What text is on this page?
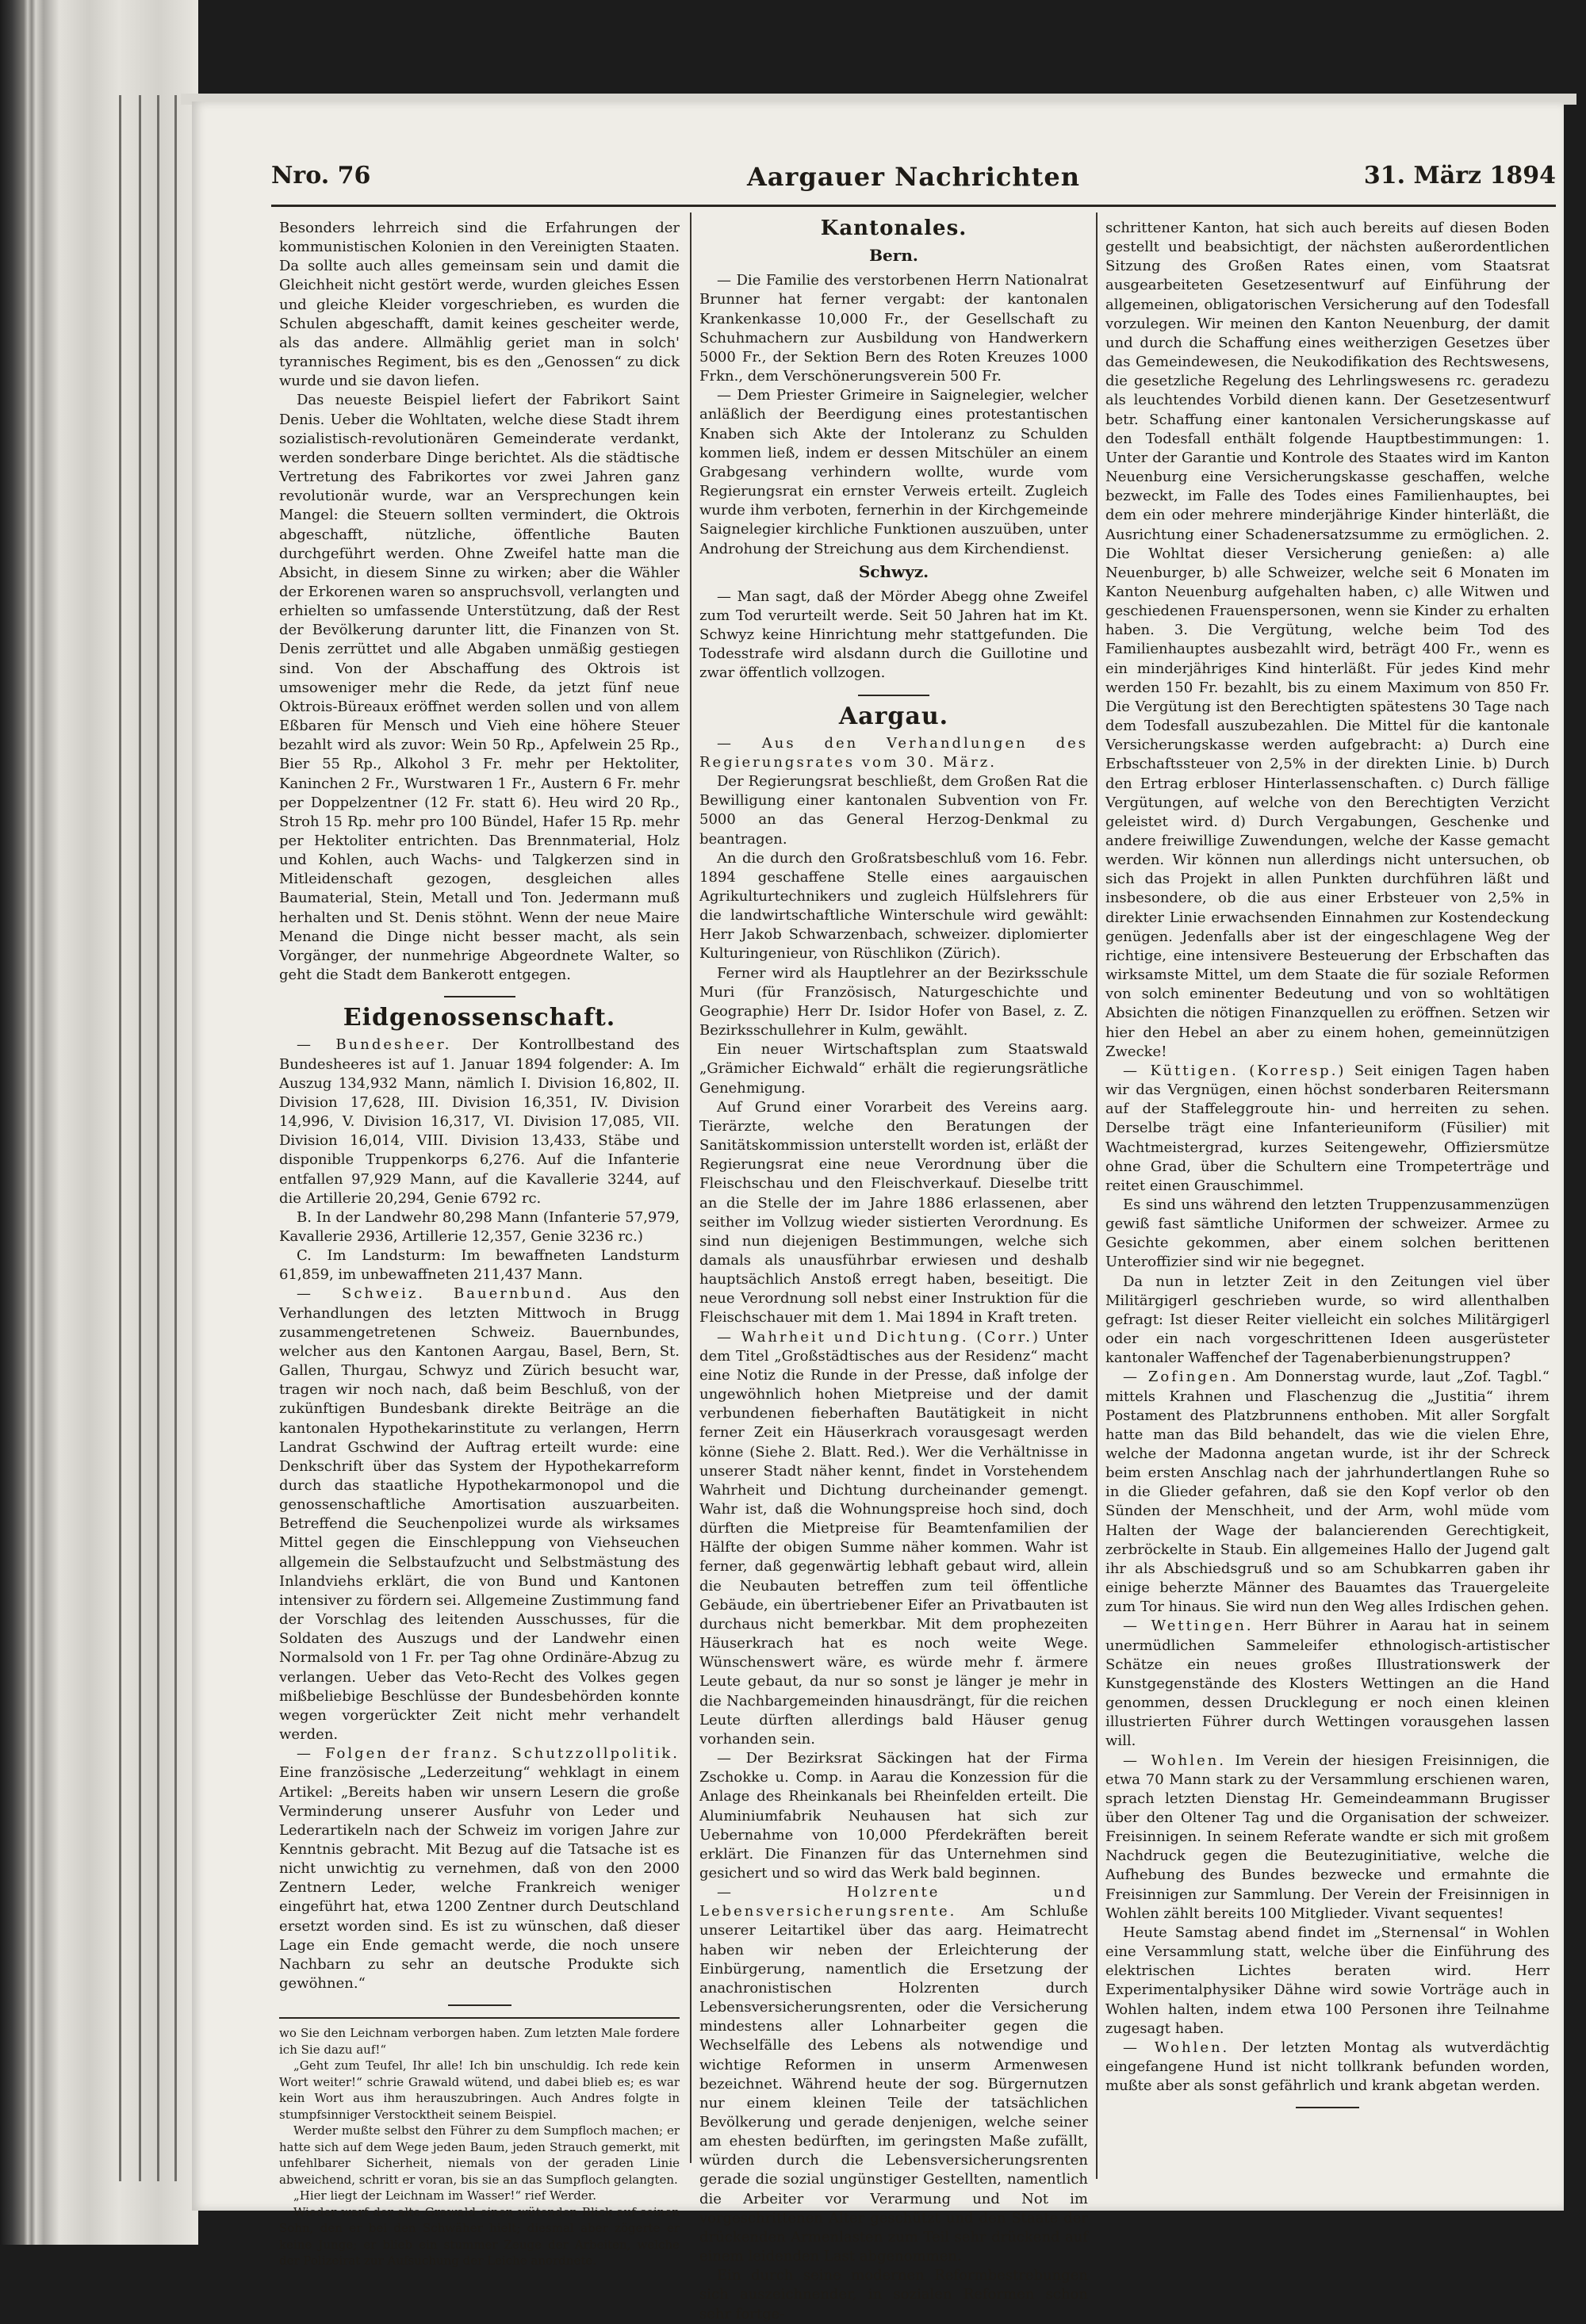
Nro. 76	Aargauer Nachrichten	31. März 1894

Besonders lehrreich sind die Erfahrungen der kommunistischen Kolonien in den Vereinigten Staaten. Da sollte auch alles gemeinsam sein und damit die Gleichheit nicht gestört werde, wurden gleiches Essen und gleiche Kleider vorgeschrieben, es wurden die Schulen abgeschafft, damit keines gescheiter werde, als das andere. Allmählig geriet man in solch' tyrannisches Regiment, bis es den „Genossen“ zu dick wurde und sie davon liefen.

Das neueste Beispiel liefert der Fabrikort Saint Denis. Ueber die Wohltaten, welche diese Stadt ihrem sozialistisch-revolutionären Gemeinderate verdankt, werden sonderbare Dinge berichtet. Als die städtische Vertretung des Fabrikortes vor zwei Jahren ganz revolutionär wurde, war an Versprechungen kein Mangel: die Steuern sollten vermindert, die Oktrois abgeschafft, nützliche, öffentliche Bauten durchgeführt werden. Ohne Zweifel hatte man die Absicht, in diesem Sinne zu wirken; aber die Wähler der Erkorenen waren so anspruchsvoll, verlangten und erhielten so umfassende Unterstützung, daß der Rest der Bevölkerung darunter litt, die Finanzen von St. Denis zerrüttet und alle Abgaben unmäßig gestiegen sind. Von der Abschaffung des Oktrois ist umsoweniger mehr die Rede, da jetzt fünf neue Oktrois-Büreaux eröffnet werden sollen und von allem Eßbaren für Mensch und Vieh eine höhere Steuer bezahlt wird als zuvor: Wein 50 Rp., Apfelwein 25 Rp., Bier 55 Rp., Alkohol 3 Fr. mehr per Hektoliter, Kaninchen 2 Fr., Wurstwaren 1 Fr., Austern 6 Fr. mehr per Doppelzentner (12 Fr. statt 6). Heu wird 20 Rp., Stroh 15 Rp. mehr pro 100 Bündel, Hafer 15 Rp. mehr per Hektoliter entrichten. Das Brennmaterial, Holz und Kohlen, auch Wachs- und Talgkerzen sind in Mitleidenschaft gezogen, desgleichen alles Baumaterial, Stein, Metall und Ton. Jedermann muß herhalten und St. Denis stöhnt. Wenn der neue Maire Menand die Dinge nicht besser macht, als sein Vorgänger, der nunmehrige Abgeordnete Walter, so geht die Stadt dem Bankerott entgegen.

Eidgenossenschaft.

— Bundesheer. Der Kontrollbestand des Bundesheeres ist auf 1. Januar 1894 folgender: A. Im Auszug 134,932 Mann, nämlich I. Division 16,802, II. Division 17,628, III. Division 16,351, IV. Division 14,996, V. Division 16,317, VI. Division 17,085, VII. Division 16,014, VIII. Division 13,433, Stäbe und disponible Truppenkorps 6,276. Auf die Infanterie entfallen 97,929 Mann, auf die Kavallerie 3244, auf die Artillerie 20,294, Genie 6792 rc.

B. In der Landwehr 80,298 Mann (Infanterie 57,979, Kavallerie 2936, Artillerie 12,357, Genie 3236 rc.)

C. Im Landsturm: Im bewaffneten Landsturm 61,859, im unbewaffneten 211,437 Mann.

— Schweiz. Bauernbund. Aus den Verhandlungen des letzten Mittwoch in Brugg zusammengetretenen Schweiz. Bauernbundes, welcher aus den Kantonen Aargau, Basel, Bern, St. Gallen, Thurgau, Schwyz und Zürich besucht war, tragen wir noch nach, daß beim Beschluß, von der zukünftigen Bundesbank direkte Beiträge an die kantonalen Hypothekarinstitute zu verlangen, Herrn Landrat Gschwind der Auftrag erteilt wurde: eine Denkschrift über das System der Hypothekarreform durch das staatliche Hypothekarmonopol und die genossenschaftliche Amortisation auszuarbeiten. Betreffend die Seuchenpolizei wurde als wirksames Mittel gegen die Einschleppung von Viehseuchen allgemein die Selbstaufzucht und Selbstmästung des Inlandviehs erklärt, die von Bund und Kantonen intensiver zu fördern sei. Allgemeine Zustimmung fand der Vorschlag des leitenden Ausschusses, für die Soldaten des Auszugs und der Landwehr einen Normalsold von 1 Fr. per Tag ohne Ordinäre-Abzug zu verlangen. Ueber das Veto-Recht des Volkes gegen mißbeliebige Beschlüsse der Bundesbehörden konnte wegen vorgerückter Zeit nicht mehr verhandelt werden.

— Folgen der franz. Schutzzollpolitik. Eine französische „Lederzeitung“ wehklagt in einem Artikel: „Bereits haben wir unsern Lesern die große Verminderung unserer Ausfuhr von Leder und Lederartikeln nach der Schweiz im vorigen Jahre zur Kenntnis gebracht. Mit Bezug auf die Tatsache ist es nicht unwichtig zu vernehmen, daß von den 2000 Zentnern Leder, welche Frankreich weniger eingeführt hat, etwa 1200 Zentner durch Deutschland ersetzt worden sind. Es ist zu wünschen, daß dieser Lage ein Ende gemacht werde, die noch unsere Nachbarn zu sehr an deutsche Produkte sich gewöhnen.“

wo Sie den Leichnam verborgen haben. Zum letzten Male fordere ich Sie dazu auf!“

„Geht zum Teufel, Ihr alle! Ich bin unschuldig. Ich rede kein Wort weiter!“ schrie Grawald wütend, und dabei blieb es; es war kein Wort aus ihm herauszubringen. Auch Andres folgte in stumpfsinniger Verstocktheit seinem Beispiel.

Werder mußte selbst den Führer zu dem Sumpfloch machen; er hatte sich auf dem Wege jeden Baum, jeden Strauch gemerkt, mit unfehlbarer Sicherheit, niemals von der geraden Linie abweichend, schritt er voran, bis sie an das Sumpfloch gelangten.

„Hier liegt der Leichnam im Wasser!“ rief Werder.

Wieder warf der alte Grawald einen wütenden Blick auf seinen Sohn, den er bei den Schwäher hielt; diesmal aber zögerte er keine Junge; er blieb ein stummer Zeuge der Arbeiten, welche der Polizeirat zur Aufsuchung der Leiche anordnete.

Kantonales.
Bern.

— Die Familie des verstorbenen Herrn Nationalrat Brunner hat ferner vergabt: der kantonalen Krankenkasse 10,000 Fr., der Gesellschaft zu Schuhmachern zur Ausbildung von Handwerkern 5000 Fr., der Sektion Bern des Roten Kreuzes 1000 Frkn., dem Verschönerungsverein 500 Fr.

— Dem Priester Grimeire in Saignelegier, welcher anläßlich der Beerdigung eines protestantischen Knaben sich Akte der Intoleranz zu Schulden kommen ließ, indem er dessen Mitschüler an einem Grabgesang verhindern wollte, wurde vom Regierungsrat ein ernster Verweis erteilt. Zugleich wurde ihm verboten, fernerhin in der Kirchgemeinde Saignelegier kirchliche Funktionen auszuüben, unter Androhung der Streichung aus dem Kirchendienst.

Schwyz.

— Man sagt, daß der Mörder Abegg ohne Zweifel zum Tod verurteilt werde. Seit 50 Jahren hat im Kt. Schwyz keine Hinrichtung mehr stattgefunden. Die Todesstrafe wird alsdann durch die Guillotine und zwar öffentlich vollzogen.

Aargau.

— Aus den Verhandlungen des Regierungsrates vom 30. März.

Der Regierungsrat beschließt, dem Großen Rat die Bewilligung einer kantonalen Subvention von Fr. 5000 an das General Herzog-Denkmal zu beantragen.

An die durch den Großratsbeschluß vom 16. Febr. 1894 geschaffene Stelle eines aargauischen Agrikulturtechnikers und zugleich Hülfslehrers für die landwirtschaftliche Winterschule wird gewählt: Herr Jakob Schwarzenbach, schweizer. diplomierter Kulturingenieur, von Rüschlikon (Zürich).

Ferner wird als Hauptlehrer an der Bezirksschule Muri (für Französisch, Naturgeschichte und Geographie) Herr Dr. Isidor Hofer von Basel, z. Z. Bezirksschullehrer in Kulm, gewählt.

Ein neuer Wirtschaftsplan zum Staatswald „Grämicher Eichwald“ erhält die regierungsrätliche Genehmigung.

Auf Grund einer Vorarbeit des Vereins aarg. Tierärzte, welche den Beratungen der Sanitätskommission unterstellt worden ist, erläßt der Regierungsrat eine neue Verordnung über die Fleischschau und den Fleischverkauf. Dieselbe tritt an die Stelle der im Jahre 1886 erlassenen, aber seither im Vollzug wieder sistierten Verordnung. Es sind nun diejenigen Bestimmungen, welche sich damals als unausführbar erwiesen und deshalb hauptsächlich Anstoß erregt haben, beseitigt. Die neue Verordnung soll nebst einer Instruktion für die Fleischschauer mit dem 1. Mai 1894 in Kraft treten.

— Wahrheit und Dichtung. (Corr.) Unter dem Titel „Großstädtisches aus der Residenz“ macht eine Notiz die Runde in der Presse, daß infolge der ungewöhnlich hohen Mietpreise und der damit verbundenen fieberhaften Bautätigkeit in nicht ferner Zeit ein Häuserkrach vorausgesagt werden könne (Siehe 2. Blatt. Red.). Wer die Verhältnisse in unserer Stadt näher kennt, findet in Vorstehendem Wahrheit und Dichtung durcheinander gemengt. Wahr ist, daß die Wohnungspreise hoch sind, doch dürften die Mietpreise für Beamtenfamilien der Hälfte der obigen Summe näher kommen. Wahr ist ferner, daß gegenwärtig lebhaft gebaut wird, allein die Neubauten betreffen zum teil öffentliche Gebäude, ein übertriebener Eifer an Privatbauten ist durchaus nicht bemerkbar. Mit dem prophezeiten Häuserkrach hat es noch weite Wege. Wünschenswert wäre, es würde mehr f. ärmere Leute gebaut, da nur so sonst je länger je mehr in die Nachbargemeinden hinausdrängt, für die reichen Leute dürften allerdings bald Häuser genug vorhanden sein.

— Der Bezirksrat Säckingen hat der Firma Zschokke u. Comp. in Aarau die Konzession für die Anlage des Rheinkanals bei Rheinfelden erteilt. Die Aluminiumfabrik Neuhausen hat sich zur Uebernahme von 10,000 Pferdekräften bereit erklärt. Die Finanzen für das Unternehmen sind gesichert und so wird das Werk bald beginnen.

— Holzrente und Lebensversicherungsrente. Am Schluße unserer Leitartikel über das aarg. Heimatrecht haben wir neben der Erleichterung der Einbürgerung, namentlich die Ersetzung der anachronistischen Holzrenten durch Lebensversicherungsrenten, oder die Versicherung mindestens aller Lohnarbeiter gegen die Wechselfälle des Lebens als notwendige und wichtige Reformen in unserm Armenwesen bezeichnet. Während heute der sog. Bürgernutzen nur einem kleinen Teile der tatsächlichen Bevölkerung und gerade denjenigen, welche seiner am ehesten bedürften, im geringsten Maße zufällt, würden durch die Lebensversicherungsrenten gerade die sozial ungünstiger Gestellten, namentlich die Arbeiter vor Verarmung und Not im vorgeschrittenen Alter geschützt und den Staate der drückenden Armenlasten zum Teil sehr drückend auf einem leidenden Last abgenommen.

Ein durch seine modernen Reformbestrebungen sich auszeichnender, in sozialen Reformen schon sehr fortge-

schrittener Kanton, hat sich auch bereits auf diesen Boden gestellt und beabsichtigt, der nächsten außerordentlichen Sitzung des Großen Rates einen, vom Staatsrat ausgearbeiteten Gesetzesentwurf auf Einführung der allgemeinen, obligatorischen Versicherung auf den Todesfall vorzulegen. Wir meinen den Kanton Neuenburg, der damit und durch die Schaffung eines weitherzigen Gesetzes über das Gemeindewesen, die Neukodifikation des Rechtswesens, die gesetzliche Regelung des Lehrlingswesens rc. geradezu als leuchtendes Vorbild dienen kann. Der Gesetzesentwurf betr. Schaffung einer kantonalen Versicherungskasse auf den Todesfall enthält folgende Hauptbestimmungen: 1. Unter der Garantie und Kontrole des Staates wird im Kanton Neuenburg eine Versicherungskasse geschaffen, welche bezweckt, im Falle des Todes eines Familienhauptes, bei dem ein oder mehrere minderjährige Kinder hinterläßt, die Ausrichtung einer Schadenersatzsumme zu ermöglichen. 2. Die Wohltat dieser Versicherung genießen: a) alle Neuenburger, b) alle Schweizer, welche seit 6 Monaten im Kanton Neuenburg aufgehalten haben, c) alle Witwen und geschiedenen Frauenspersonen, wenn sie Kinder zu erhalten haben. 3. Die Vergütung, welche beim Tod des Familienhauptes ausbezahlt wird, beträgt 400 Fr., wenn es ein minderjähriges Kind hinterläßt. Für jedes Kind mehr werden 150 Fr. bezahlt, bis zu einem Maximum von 850 Fr. Die Vergütung ist den Berechtigten spätestens 30 Tage nach dem Todesfall auszubezahlen. Die Mittel für die kantonale Versicherungskasse werden aufgebracht: a) Durch eine Erbschaftssteuer von 2,5% in der direkten Linie. b) Durch den Ertrag erbloser Hinterlassenschaften. c) Durch fällige Vergütungen, auf welche von den Berechtigten Verzicht geleistet wird. d) Durch Vergabungen, Geschenke und andere freiwillige Zuwendungen, welche der Kasse gemacht werden. Wir können nun allerdings nicht untersuchen, ob sich das Projekt in allen Punkten durchführen läßt und insbesondere, ob die aus einer Erbsteuer von 2,5% in direkter Linie erwachsenden Einnahmen zur Kostendeckung genügen. Jedenfalls aber ist der eingeschlagene Weg der richtige, eine intensivere Besteuerung der Erbschaften das wirksamste Mittel, um dem Staate die für soziale Reformen von solch eminenter Bedeutung und von so wohltätigen Absichten die nötigen Finanzquellen zu eröffnen. Setzen wir hier den Hebel an aber zu einem hohen, gemeinnützigen Zwecke!

— Küttigen. (Korresp.) Seit einigen Tagen haben wir das Vergnügen, einen höchst sonderbaren Reitersmann auf der Staffeleggroute hin- und herreiten zu sehen. Derselbe trägt eine Infanterieuniform (Füsilier) mit Wachtmeistergrad, kurzes Seitengewehr, Offiziersmütze ohne Grad, über die Schultern eine Trompeterträge und reitet einen Grauschimmel.

Es sind uns während den letzten Truppenzusammenzügen gewiß fast sämtliche Uniformen der schweizer. Armee zu Gesichte gekommen, aber einem solchen berittenen Unteroffizier sind wir nie begegnet.

Da nun in letzter Zeit in den Zeitungen viel über Militärgigerl geschrieben wurde, so wird allenthalben gefragt: Ist dieser Reiter vielleicht ein solches Militärgigerl oder ein nach vorgeschrittenen Ideen ausgerüsteter kantonaler Waffenchef der Tagenaberbienungstruppen?

— Zofingen. Am Donnerstag wurde, laut „Zof. Tagbl.“ mittels Krahnen und Flaschenzug die „Justitia“ ihrem Postament des Platzbrunnens enthoben. Mit aller Sorgfalt hatte man das Bild behandelt, das wie die vielen Ehre, welche der Madonna angetan wurde, ist ihr der Schreck beim ersten Anschlag nach der jahrhundertlangen Ruhe so in die Glieder gefahren, daß sie den Kopf verlor ob den Sünden der Menschheit, und der Arm, wohl müde vom Halten der Wage der balancierenden Gerechtigkeit, zerbröckelte in Staub. Ein allgemeines Hallo der Jugend galt ihr als Abschiedsgruß und so am Schubkarren gaben ihr einige beherzte Männer des Bauamtes das Trauergeleite zum Tor hinaus. Sie wird nun den Weg alles Irdischen gehen.

— Wettingen. Herr Bührer in Aarau hat in seinem unermüdlichen Sammeleifer ethnologisch-artistischer Schätze ein neues großes Illustrationswerk der Kunstgegenstände des Klosters Wettingen an die Hand genommen, dessen Drucklegung er noch einen kleinen illustrierten Führer durch Wettingen vorausgehen lassen will.

— Wohlen. Im Verein der hiesigen Freisinnigen, die etwa 70 Mann stark zu der Versammlung erschienen waren, sprach letzten Dienstag Hr. Gemeindeammann Brugisser über den Oltener Tag und die Organisation der schweizer. Freisinnigen. In seinem Referate wandte er sich mit großem Nachdruck gegen die Beutezuginitiative, welche die Aufhebung des Bundes bezwecke und ermahnte die Freisinnigen zur Sammlung. Der Verein der Freisinnigen in Wohlen zählt bereits 100 Mitglieder. Vivant sequentes!

Heute Samstag abend findet im „Sternensal“ in Wohlen eine Versammlung statt, welche über die Einführung des elektrischen Lichtes beraten wird. Herr Experimentalphysiker Dähne wird sowie Vorträge auch in Wohlen halten, indem etwa 100 Personen ihre Teilnahme zugesagt haben.

— Wohlen. Der letzten Montag als wutverdächtig eingefangene Hund ist nicht tollkrank befunden worden, mußte aber als sonst gefährlich und krank abgetan werden.
